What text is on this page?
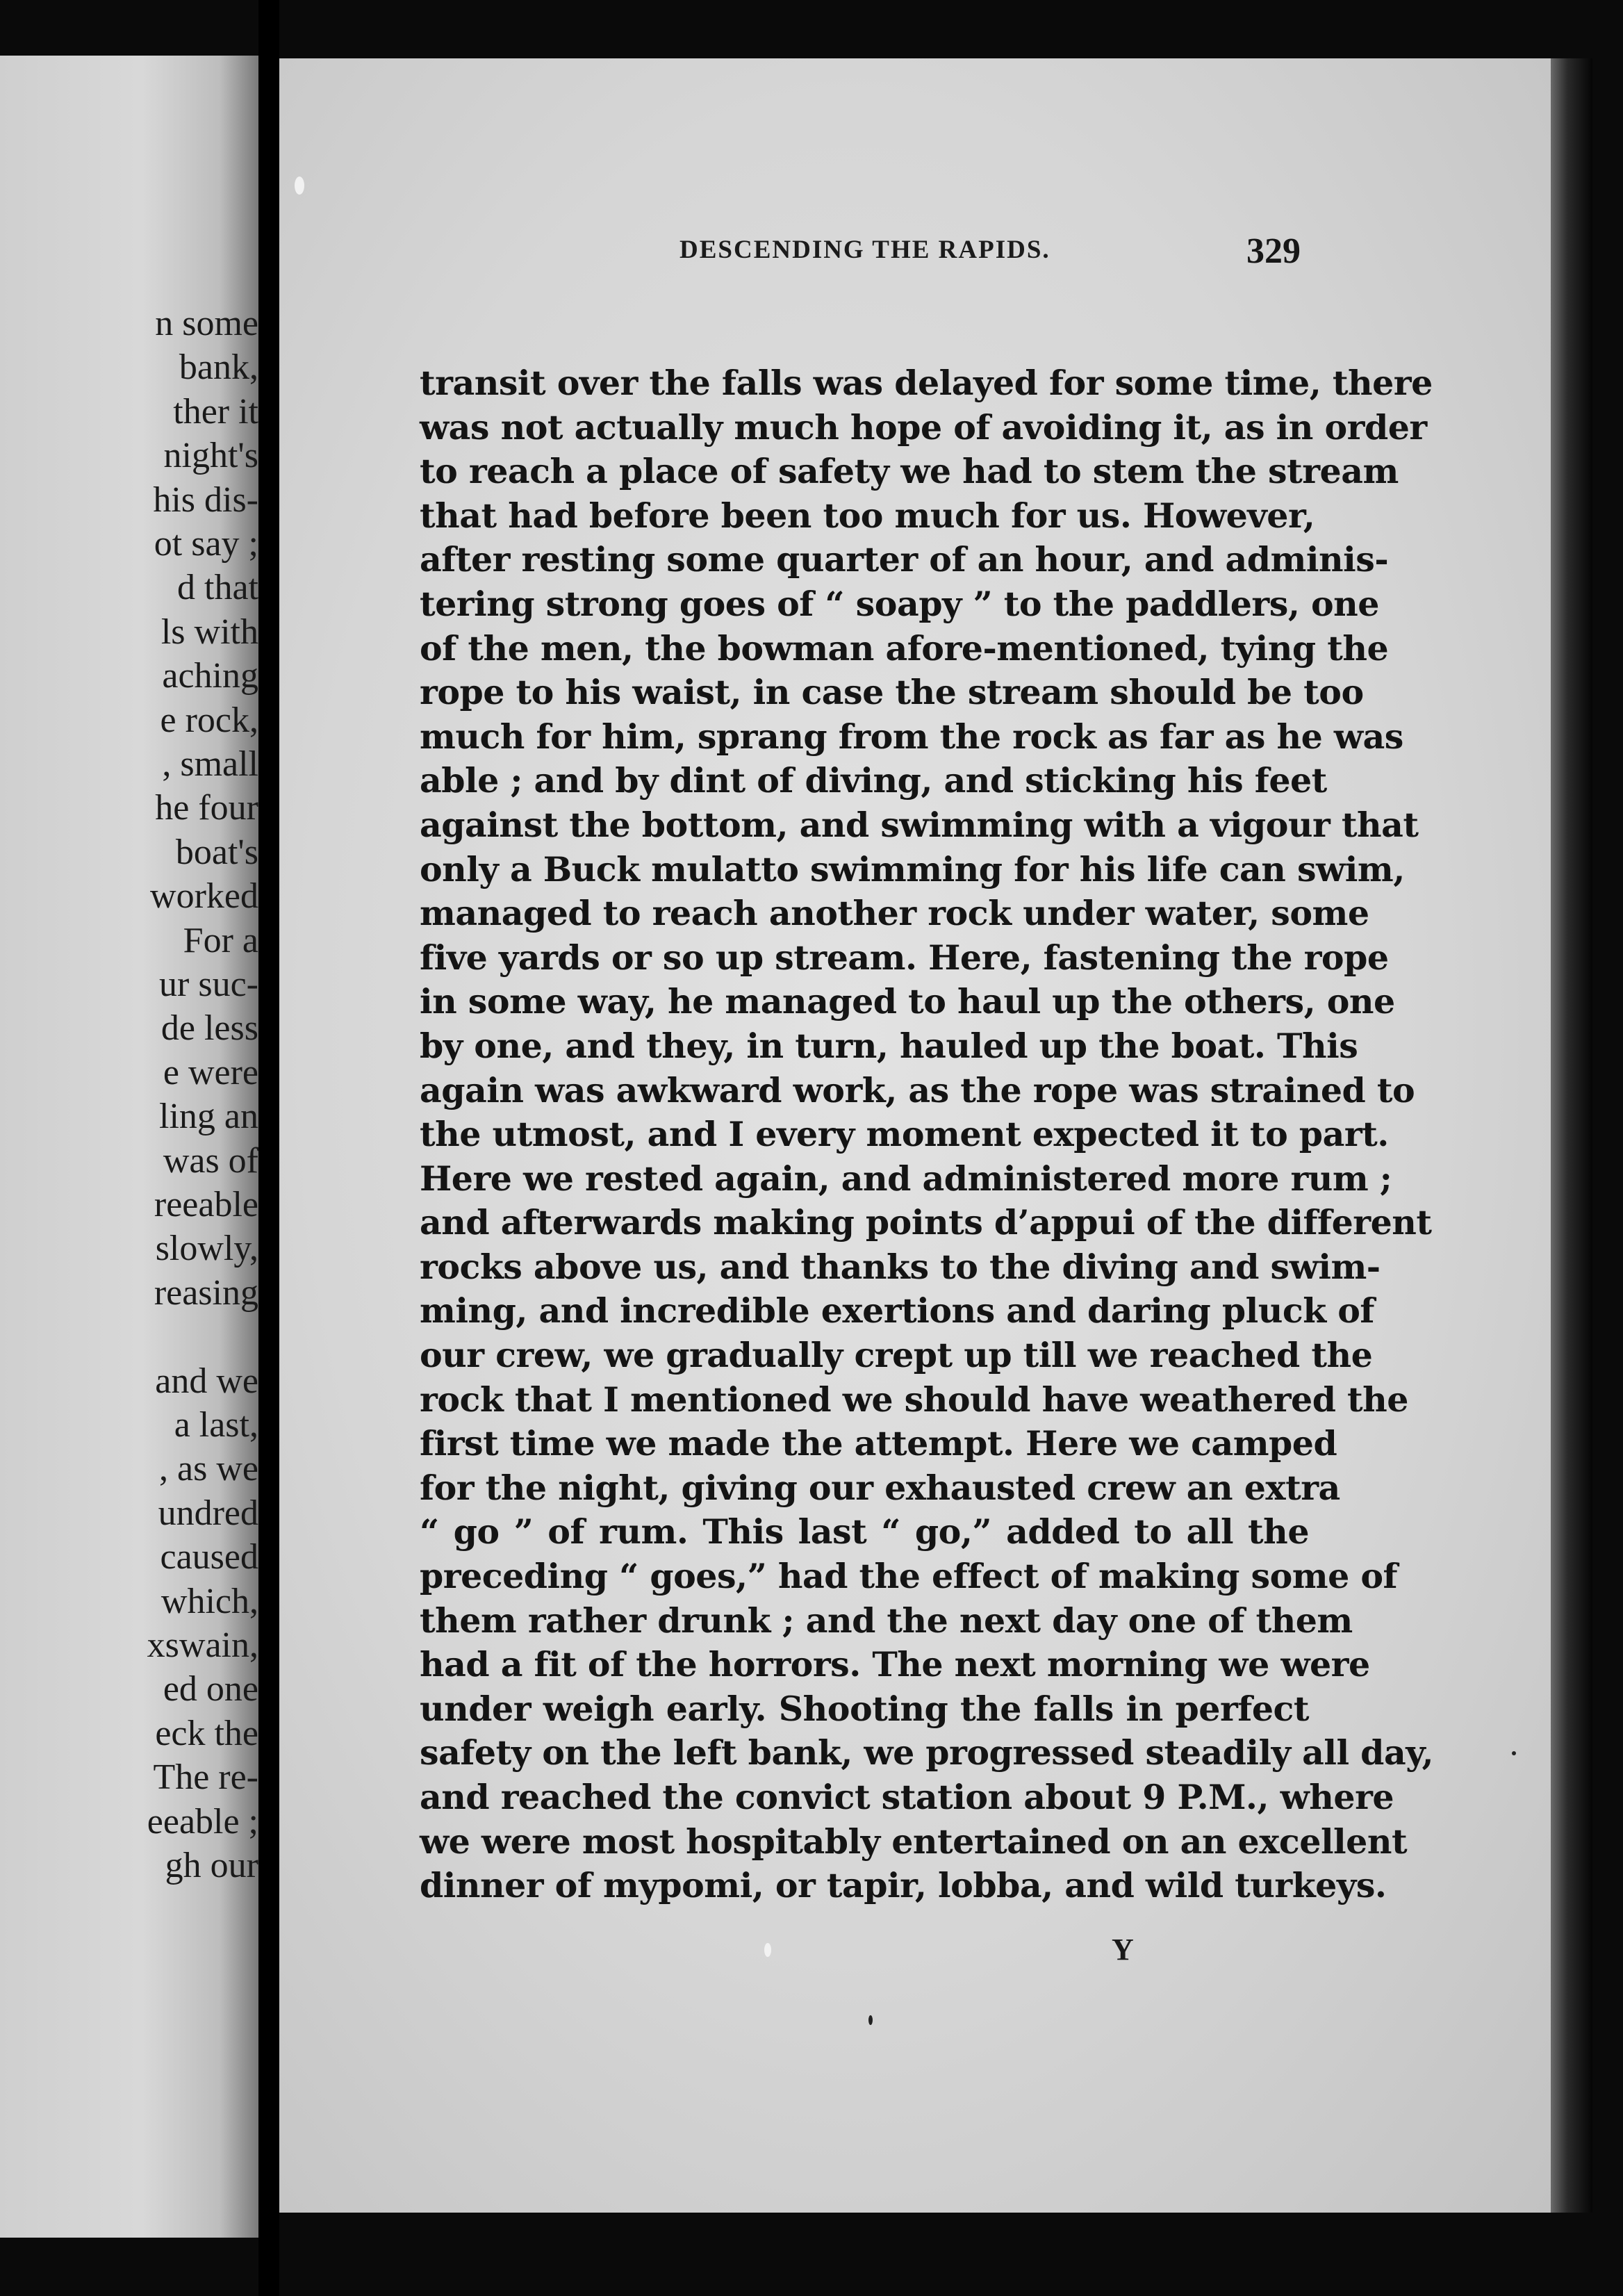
n some
bank,
ther it
night's
his dis-
ot say ;
d that
ls with
aching
e rock,
, small
he four
boat's
worked
For a
ur suc-
de less
e were
ling an
was of
reeable
slowly,
reasing
and we
a last,
, as we
undred
caused
which,
xswain,
ed one
eck the
The re-
eeable ;
gh our
DESCENDING THE RAPIDS.	329
transit over the falls was delayed for some time, there
was not actually much hope of avoiding it, as in order
to reach a place of safety we had to stem the stream
that had before been too much for us. However,
after resting some quarter of an hour, and adminis-
tering strong goes of “ soapy ” to the paddlers, one
of the men, the bowman afore-mentioned, tying the
rope to his waist, in case the stream should be too
much for him, sprang from the rock as far as he was
able ; and by dint of diving, and sticking his feet
against the bottom, and swimming with a vigour that
only a Buck mulatto swimming for his life can swim,
managed to reach another rock under water, some
five yards or so up stream. Here, fastening the rope
in some way, he managed to haul up the others, one
by one, and they, in turn, hauled up the boat. This
again was awkward work, as the rope was strained to
the utmost, and I every moment expected it to part.
Here we rested again, and administered more rum ;
and afterwards making points d’appui of the different
rocks above us, and thanks to the diving and swim-
ming, and incredible exertions and daring pluck of
our crew, we gradually crept up till we reached the
rock that I mentioned we should have weathered the
first time we made the attempt. Here we camped
for the night, giving our exhausted crew an extra
“ go ” of rum. This last “ go,” added to all the
preceding “ goes,” had the effect of making some of
them rather drunk ; and the next day one of them
had a fit of the horrors. The next morning we were
under weigh early. Shooting the falls in perfect
safety on the left bank, we progressed steadily all day,
and reached the convict station about 9 P.M., where
we were most hospitably entertained on an excellent
dinner of mypomi, or tapir, lobba, and wild turkeys.
Y
